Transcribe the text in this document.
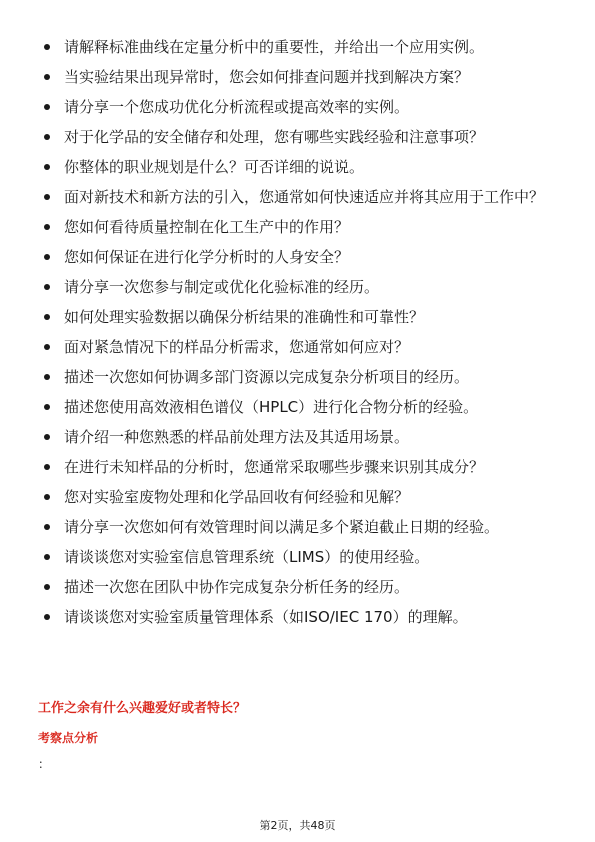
请解释标准曲线在定量分析中的重要性，并给出一个应用实例。
当实验结果出现异常时，您会如何排查问题并找到解决方案？
请分享一个您成功优化分析流程或提高效率的实例。
对于化学品的安全储存和处理，您有哪些实践经验和注意事项？
你整体的职业规划是什么？可否详细的说说。
面对新技术和新方法的引入，您通常如何快速适应并将其应用于工作中？
您如何看待质量控制在化工生产中的作用？
您如何保证在进行化学分析时的人身安全？
请分享一次您参与制定或优化化验标准的经历。
如何处理实验数据以确保分析结果的准确性和可靠性？
面对紧急情况下的样品分析需求，您通常如何应对？
描述一次您如何协调多部门资源以完成复杂分析项目的经历。
描述您使用高效液相色谱仪（HPLC）进行化合物分析的经验。
请介绍一种您熟悉的样品前处理方法及其适用场景。
在进行未知样品的分析时，您通常采取哪些步骤来识别其成分？
您对实验室废物处理和化学品回收有何经验和见解？
请分享一次您如何有效管理时间以满足多个紧迫截止日期的经验。
请谈谈您对实验室信息管理系统（LIMS）的使用经验。
描述一次您在团队中协作完成复杂分析任务的经历。
请谈谈您对实验室质量管理体系（如ISO/IEC 170）的理解。
工作之余有什么兴趣爱好或者特长？
考察点分析
：
第2页，共48页
